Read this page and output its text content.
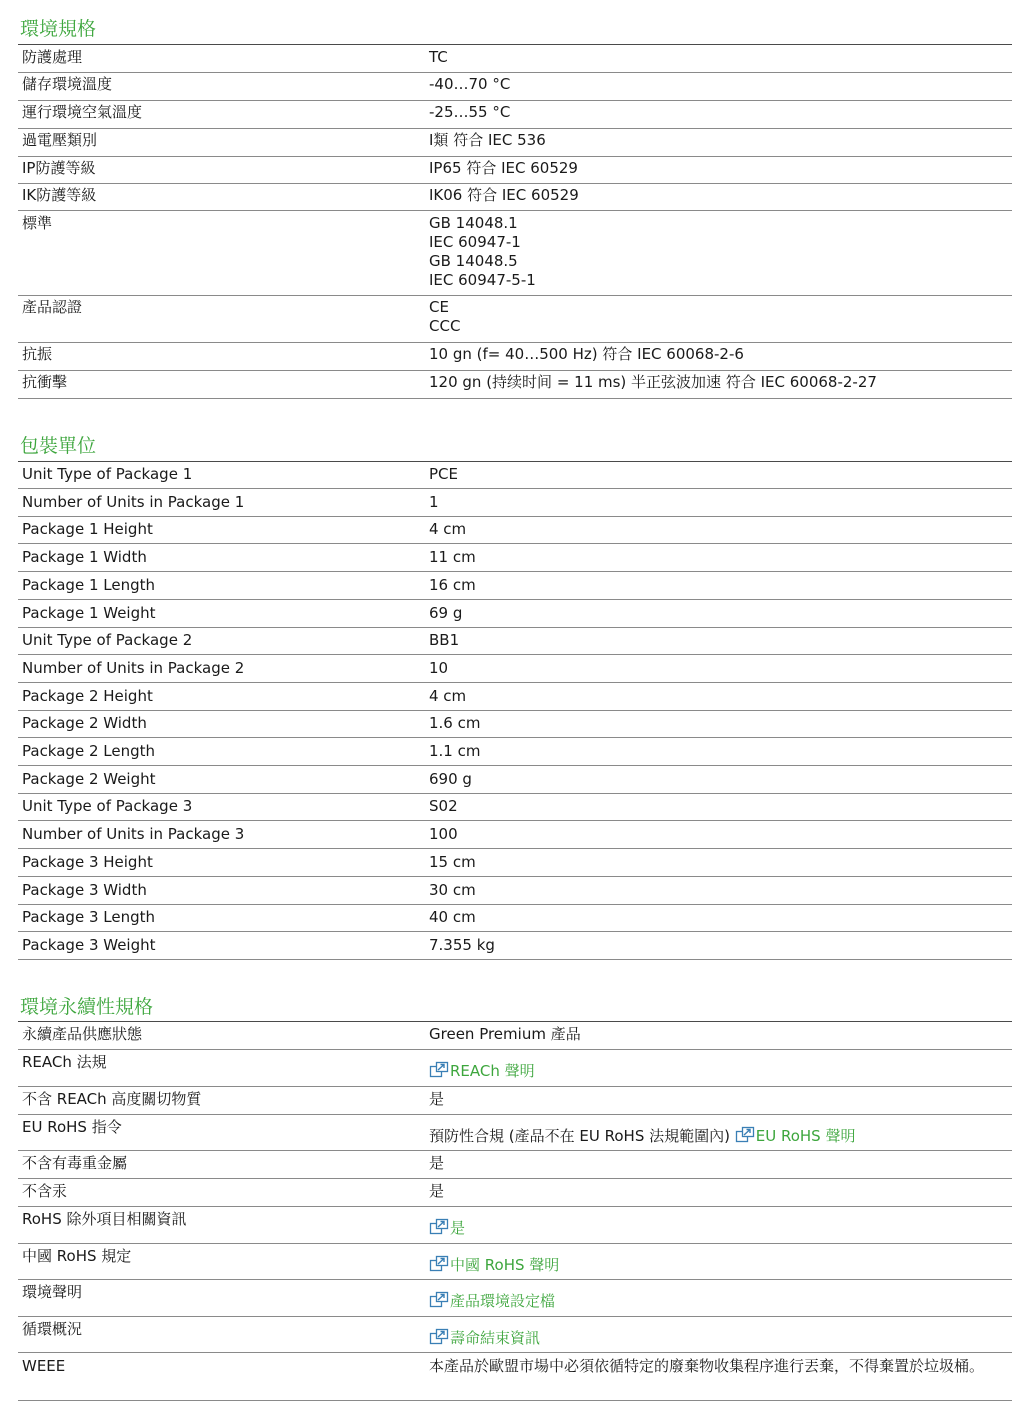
環境規格
防護處理	TC
儲存環境溫度	-40…70 °C
運行環境空氣溫度	-25…55 °C
過電壓類別	I類 符合 IEC 536
IP防護等級	IP65 符合 IEC 60529
IK防護等級	IK06 符合 IEC 60529
標準	GB 14048.1
IEC 60947-1
GB 14048.5
IEC 60947-5-1
產品認證	CE
CCC
抗振	10 gn (f= 40…500 Hz) 符合 IEC 60068-2-6
抗衝擊	120 gn (持续时间 = 11 ms) 半正弦波加速 符合 IEC 60068-2-27
包裝單位
Unit Type of Package 1	PCE
Number of Units in Package 1	1
Package 1 Height	4 cm
Package 1 Width	11 cm
Package 1 Length	16 cm
Package 1 Weight	69 g
Unit Type of Package 2	BB1
Number of Units in Package 2	10
Package 2 Height	4 cm
Package 2 Width	1.6 cm
Package 2 Length	1.1 cm
Package 2 Weight	690 g
Unit Type of Package 3	S02
Number of Units in Package 3	100
Package 3 Height	15 cm
Package 3 Width	30 cm
Package 3 Length	40 cm
Package 3 Weight	7.355 kg
環境永續性規格
永續產品供應狀態	Green Premium 產品
REACh 法規	REACh 聲明
不含 REACh 高度關切物質	是
EU RoHS 指令	預防性合規 (產品不在 EU RoHS 法規範圍內) EU RoHS 聲明
不含有毒重金屬	是
不含汞	是
RoHS 除外項目相關資訊	是
中國 RoHS 規定	中國 RoHS 聲明
環境聲明	產品環境設定檔
循環概況	壽命結束資訊
WEEE	本產品於歐盟市場中必須依循特定的廢棄物收集程序進行丟棄，不得棄置於垃圾桶。
